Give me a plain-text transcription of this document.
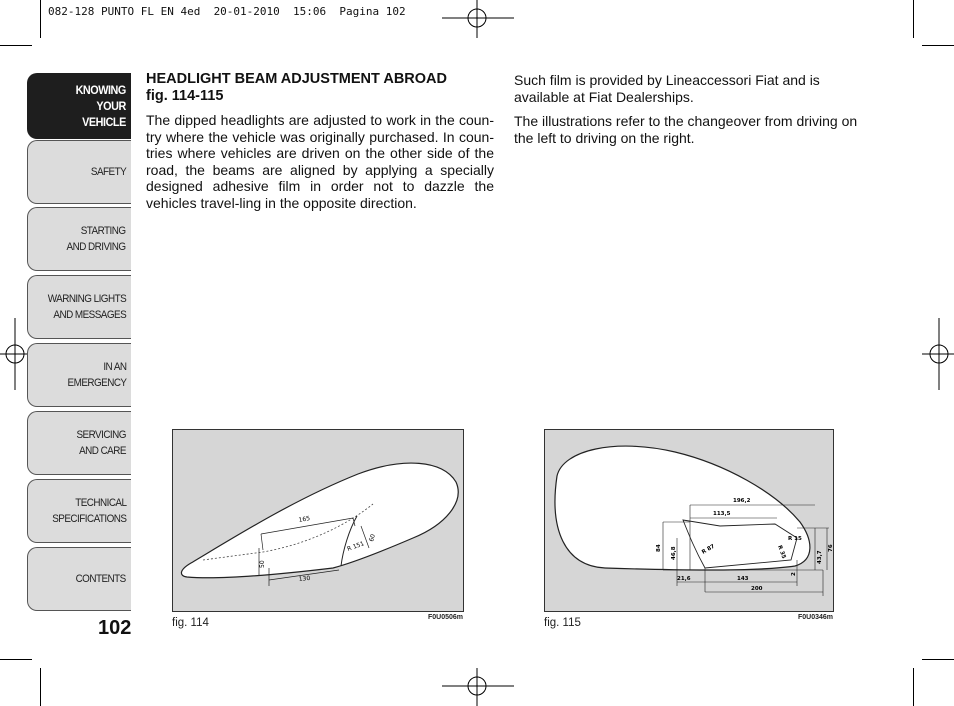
082-128 PUNTO FL EN 4ed  20-01-2010  15:06  Pagina 102
KNOWING
YOUR
VEHICLE
SAFETY
STARTING
AND DRIVING
WARNING LIGHTS
AND MESSAGES
IN AN
EMERGENCY
SERVICING
AND CARE
TECHNICAL
SPECIFICATIONS
CONTENTS
102
HEADLIGHT BEAM ADJUSTMENT ABROAD
fig. 114-115

The dipped headlights are adjusted to work in the coun-try where the vehicle was originally purchased. In coun-tries where vehicles are driven on the other side of the road, the beams are aligned by applying a specially designed adhesive film in order not to dazzle the vehicles travel-ling in the opposite direction.

Such film is provided by Lineaccessori Fiat and is available at Fiat Dealerships.

The illustrations refer to the changeover from driving on the left to driving on the right.

165
130
50
60
R 151
fig. 114	F0U0506m
196,2
113,5
84 46,8	R 87
R 15
R 35	43,7
76
21,6	143
200
2
fig. 115	F0U0346m
